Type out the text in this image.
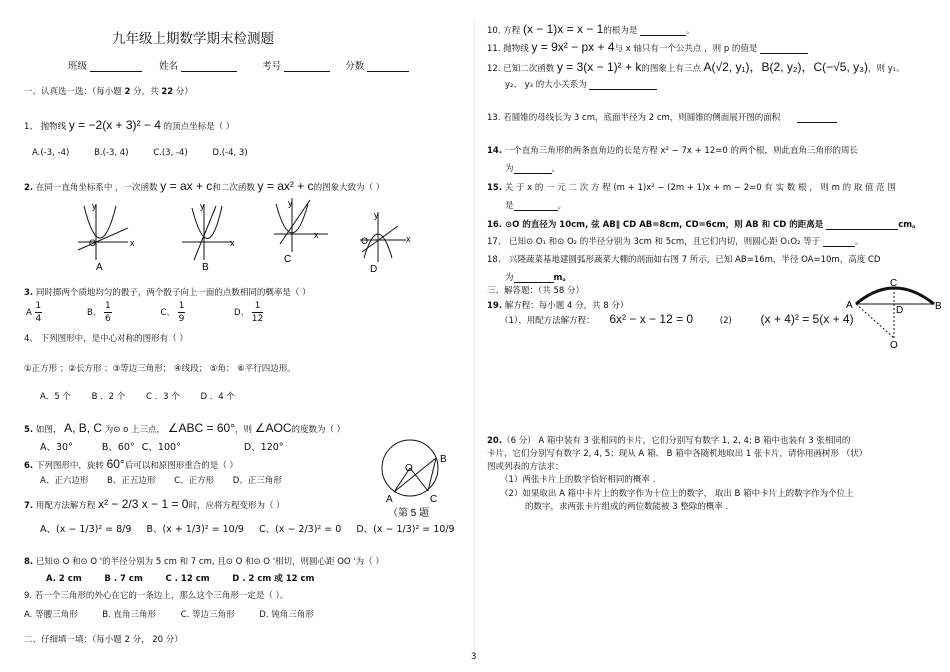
九年级上期数学期末检测题
班级	姓名	考号	分数
一、认真选一选：（每小题 2 分，共 22 分）
1、 抛物线 y = −2(x + 3)² − 4 的顶点坐标是（ ）
A.(-3, -4)	B.(-3, 4)	C.(3, -4)	D.(-4, 3)
2. 在同一直角坐标系中 ，一次函数 y = ax + c和二次函数 y = ax² + c的图象大致为（ ）
y
O	x
A
y
x
B
y
x
C
y
O	x
D
3. 同时掷两个质地均匀的骰子，两个骰子向上一面的点数相同的概率是（ ）
A $\frac{1}{4}$	B、 $\frac{1}{6}$	C、 $\frac{1}{9}$	D、 $\frac{1}{12}$
4、 下列图形中，是中心对称的图形有（ ）
①正方形 ；②长方形 ；③等边三角形； ④线段； ⑤角； ⑥平行四边形。
A．5 个 B ．2 个 C ．3 个 D ．4 个
5. 如图， A, B, C 为⊙ o 上三点， ∠ABC = 60°，则 ∠AOC的度数为（ ）
A、30°	B、60° C、100°	D、120°
B
O
A	C
（第 5 题
6. 下列图形中，旋转 60°后可以和原图形重合的是（ ）
A、正六边形 B、正五边形 C、正方形 D、正三角形
7. 用配方法解方程 x² − 2/3 x − 1 = 0时，应将方程变形为（ ）
A、(x − 1/3)² = 8/9 B、(x + 1/3)² = 10/9 C、(x − 2/3)² = 0 D、(x − 1/3)² = 10/9
8. 已知⊙ O 和⊙ O '的半径分别为 5 cm 和 7 cm, 且⊙ O 和⊙ O '相切，则圆心距 OO '为（ ）
A. 2 cm	B . 7 cm	C . 12 cm	D . 2 cm 或 12 cm
9. 若一个三角形的外心在它的一条边上，那么这个三角形一定是（ ）。
A. 等腰三角形	B. 直角三角形	C. 等边三角形	D. 钝角三角形
二、仔细填一填：（每小题 2 分， 20 分）
10. 方程 (x − 1)x = x − 1的根为是	。
11. 抛物线 y = 9x² − px + 4与 x 轴只有一个公共点 ，则 p 的值是
12. 已知二次函数 y = 3(x − 1)² + k的图象上有三点 A(√2, y₁)，B(2, y₂)，C(−√5, y₃)，则 y₁、
y₂、 y₃ 的大小关系为
13. 若圆锥的母线长为 3 cm，底面半径为 2 cm，则圆锥的侧面展开图的面积
14. 一个直角三角形的两条直角边的长是方程 x² − 7x + 12=0 的两个根，则此直角三角形的周长
为	。
15. 关 于 x 的 一 元 二 次 方 程 (m + 1)x² − (2m + 1)x + m − 2=0 有 实 数 根 ， 则 m 的 取 值 范 围
是	。
16. ⊙O 的直径为 10cm, 弦 AB∥ CD AB=8cm, CD=6cm，则 AB 和 CD 的距离是	cm。
17、 已知⊙ O₁ 和⊙ O₂ 的半径分别为 3cm 和 5cm，且它们内切，则圆心距 O₁O₂ 等于	。
18、 兴隆蔬菜基地建圆弧形蔬菜大棚的剖面如右图 7 所示，已知 AB=16m，半径 OA=10m，高度 CD
为	m。
三、解答题：（共 58 分）
19. 解方程：每小题 4 分，共 8 分）
（1）、用配方法解方程： 6x² − x − 12 = 0	(2) (x + 4)² = 5(x + 4)
C
A	D	B
O
20.（6 分） A 箱中装有 3 张相同的卡片，它们分别写有数字 1, 2, 4; B 箱中也装有 3 张相同的
卡片，它们分别写有数字 2, 4, 5；现从 A 箱、 B 箱中各随机地取出 1 张卡片，请你用画树形 （状）
图或列表的方法求：
（1）两张卡片上的数字恰好相同的概率 .
（2）如果取出 A 箱中卡片上的数字作为十位上的数字， 取出 B 箱中卡片上的数字作为个位上
的数字，求两张卡片组成的两位数能被 3 整除的概率 .
3
